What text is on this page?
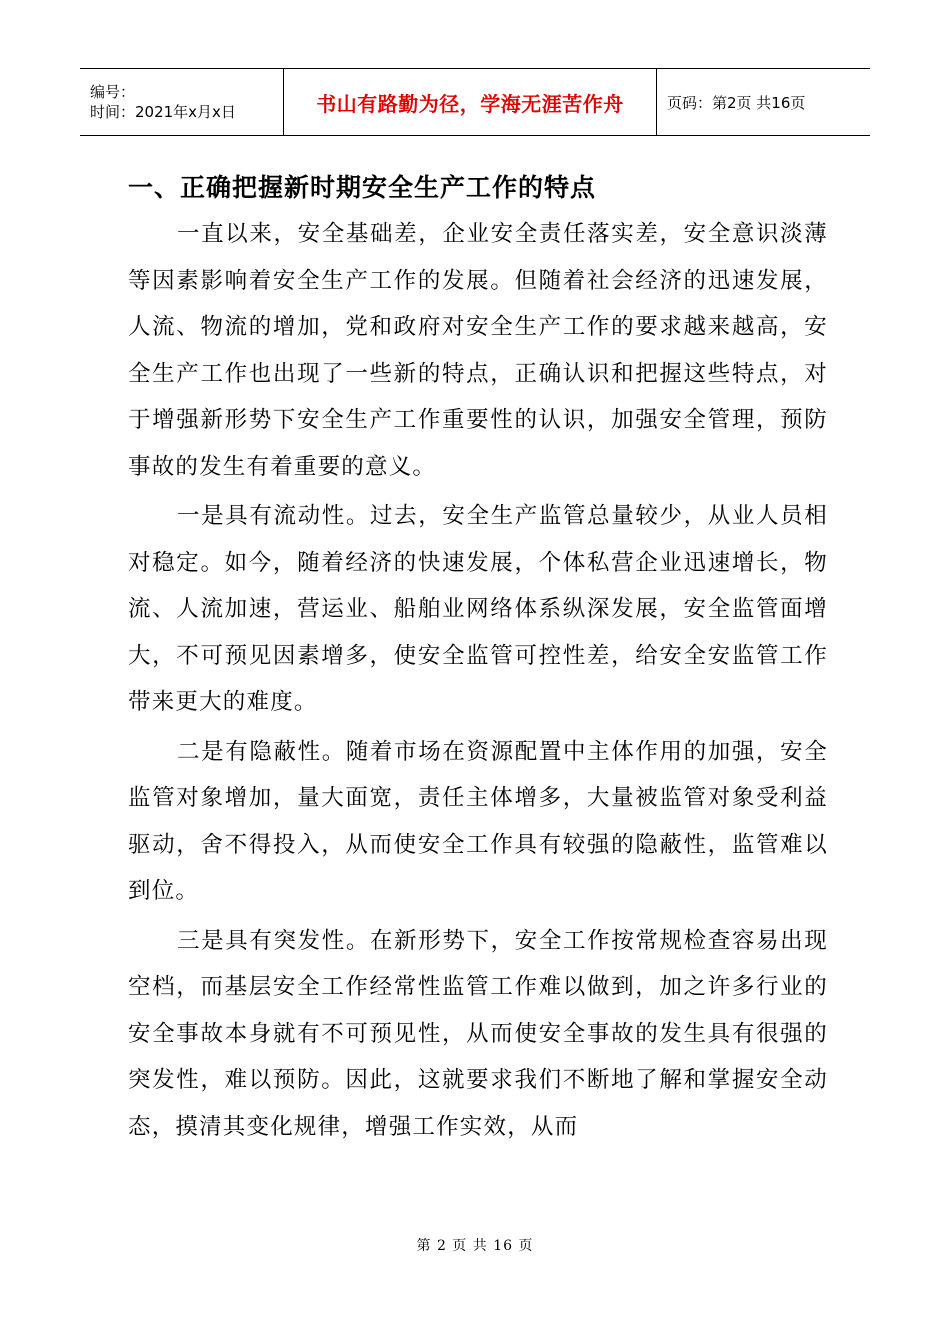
编号：
时间：2021年x月x日	书山有路勤为径，学海无涯苦作舟	页码：第2页 共16页
一、正确把握新时期安全生产工作的特点

一直以来，安全基础差，企业安全责任落实差，安全意识淡薄等因素影响着安全生产工作的发展。但随着社会经济的迅速发展，人流、物流的增加，党和政府对安全生产工作的要求越来越高，安全生产工作也出现了一些新的特点，正确认识和把握这些特点，对于增强新形势下安全生产工作重要性的认识，加强安全管理，预防事故的发生有着重要的意义。

一是具有流动性。过去，安全生产监管总量较少，从业人员相对稳定。如今，随着经济的快速发展，个体私营企业迅速增长，物流、人流加速，营运业、船舶业网络体系纵深发展，安全监管面增大，不可预见因素增多，使安全监管可控性差，给安全安监管工作带来更大的难度。

二是有隐蔽性。随着市场在资源配置中主体作用的加强，安全监管对象增加，量大面宽，责任主体增多，大量被监管对象受利益驱动，舍不得投入，从而使安全工作具有较强的隐蔽性，监管难以到位。

三是具有突发性。在新形势下，安全工作按常规检查容易出现空档，而基层安全工作经常性监管工作难以做到，加之许多行业的安全事故本身就有不可预见性，从而使安全事故的发生具有很强的突发性，难以预防。因此，这就要求我们不断地了解和掌握安全动态，摸清其变化规律，增强工作实效，从而

第 2 页 共 16 页
